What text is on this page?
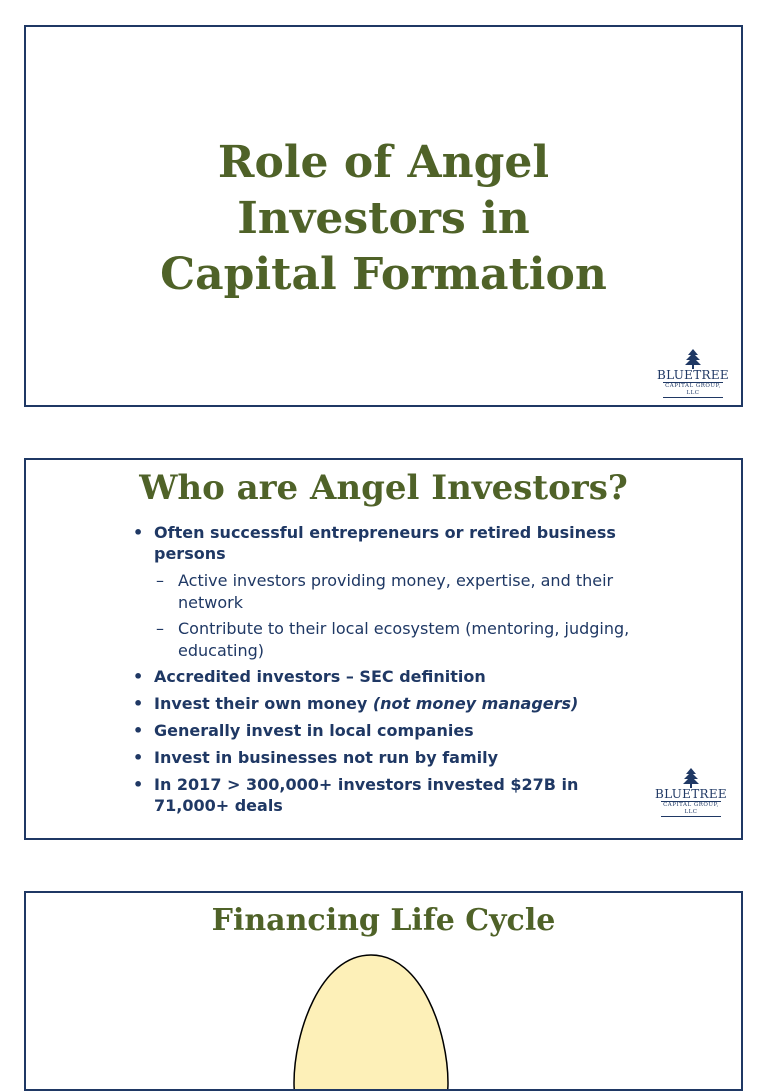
Role of Angel
Investors in
Capital Formation
BLUETREE
CAPITAL GROUP, LLC
Who are Angel Investors?
• Often successful entrepreneurs or retired business persons
– Active investors providing money, expertise, and their network
– Contribute to their local ecosystem (mentoring, judging, educating)
• Accredited investors – SEC definition
• Invest their own money (not money managers)
• Generally invest in local companies
• Invest in businesses not run by family
• In 2017 > 300,000+ investors invested $27B in 71,000+ deals
BLUETREE
CAPITAL GROUP, LLC
Financing Life Cycle
